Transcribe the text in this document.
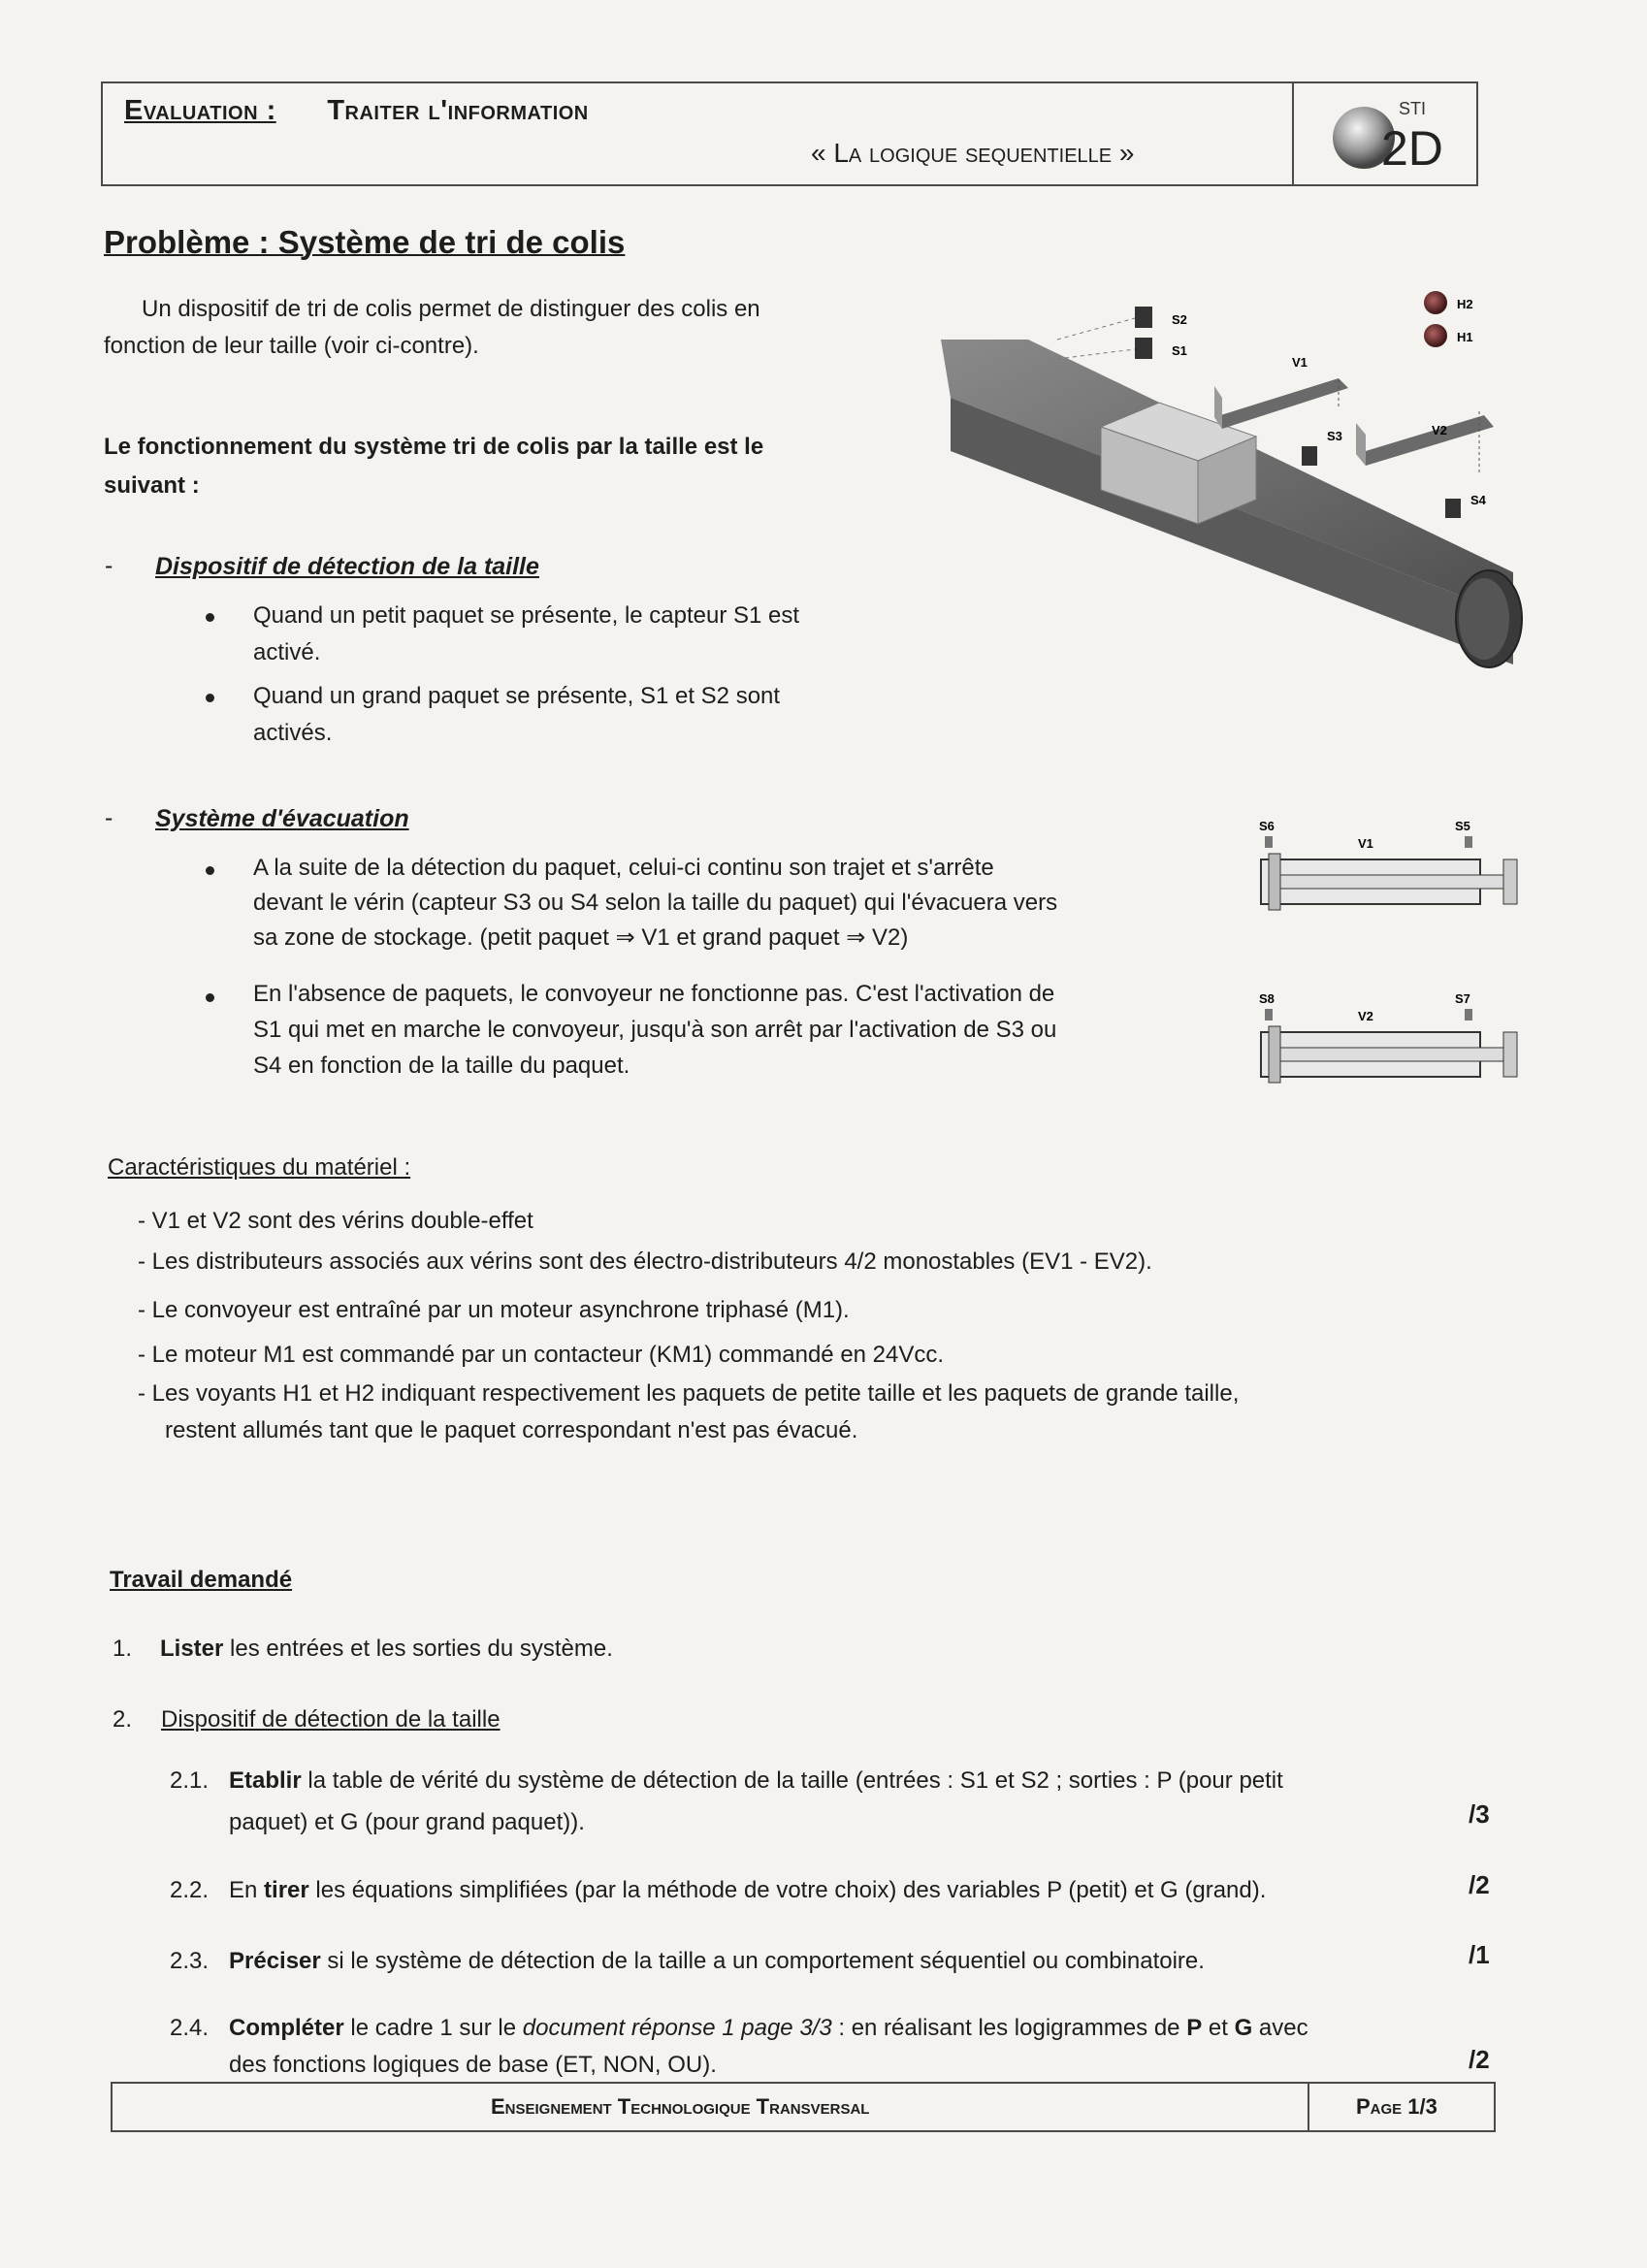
Evaluation : Traiter l'information
« La logique sequentielle »
STI
2D
Problème : Système de tri de colis
Un dispositif de tri de colis permet de distinguer des colis en
fonction de leur taille (voir ci-contre).
Le fonctionnement du système tri de colis par la taille est le
suivant :
- Dispositif de détection de la taille
Quand un petit paquet se présente, le capteur S1 est
activé.
Quand un grand paquet se présente, S1 et S2 sont
activés.
- Système d'évacuation
A la suite de la détection du paquet, celui-ci continu son trajet et s'arrête
devant le vérin (capteur S3 ou S4 selon la taille du paquet) qui l'évacuera vers
sa zone de stockage. (petit paquet ⇒ V1 et grand paquet ⇒ V2)
En l'absence de paquets, le convoyeur ne fonctionne pas. C'est l'activation de
S1 qui met en marche le convoyeur, jusqu'à son arrêt par l'activation de S3 ou
S4 en fonction de la taille du paquet.
S2
S1
H2
H1
V1
S3	V2
S4
S6	S5
V1
S8	S7
V2
Caractéristiques du matériel :
- V1 et V2 sont des vérins double-effet
- Les distributeurs associés aux vérins sont des électro-distributeurs 4/2 monostables (EV1 - EV2).
- Le convoyeur est entraîné par un moteur asynchrone triphasé (M1).
- Le moteur M1 est commandé par un contacteur (KM1) commandé en 24Vcc.
- Les voyants H1 et H2 indiquant respectivement les paquets de petite taille et les paquets de grande taille,
restent allumés tant que le paquet correspondant n'est pas évacué.
Travail demandé
1. Lister les entrées et les sorties du système.
2. Dispositif de détection de la taille
2.1. Etablir la table de vérité du système de détection de la taille (entrées : S1 et S2 ; sorties : P (pour petit
paquet) et G (pour grand paquet)).	/3
2.2. En tirer les équations simplifiées (par la méthode de votre choix) des variables P (petit) et G (grand).	/2
2.3. Préciser si le système de détection de la taille a un comportement séquentiel ou combinatoire.	/1
2.4. Compléter le cadre 1 sur le document réponse 1 page 3/3 : en réalisant les logigrammes de P et G avec
des fonctions logiques de base (ET, NON, OU).	/2
Enseignement Technologique Transversal	Page 1/3
